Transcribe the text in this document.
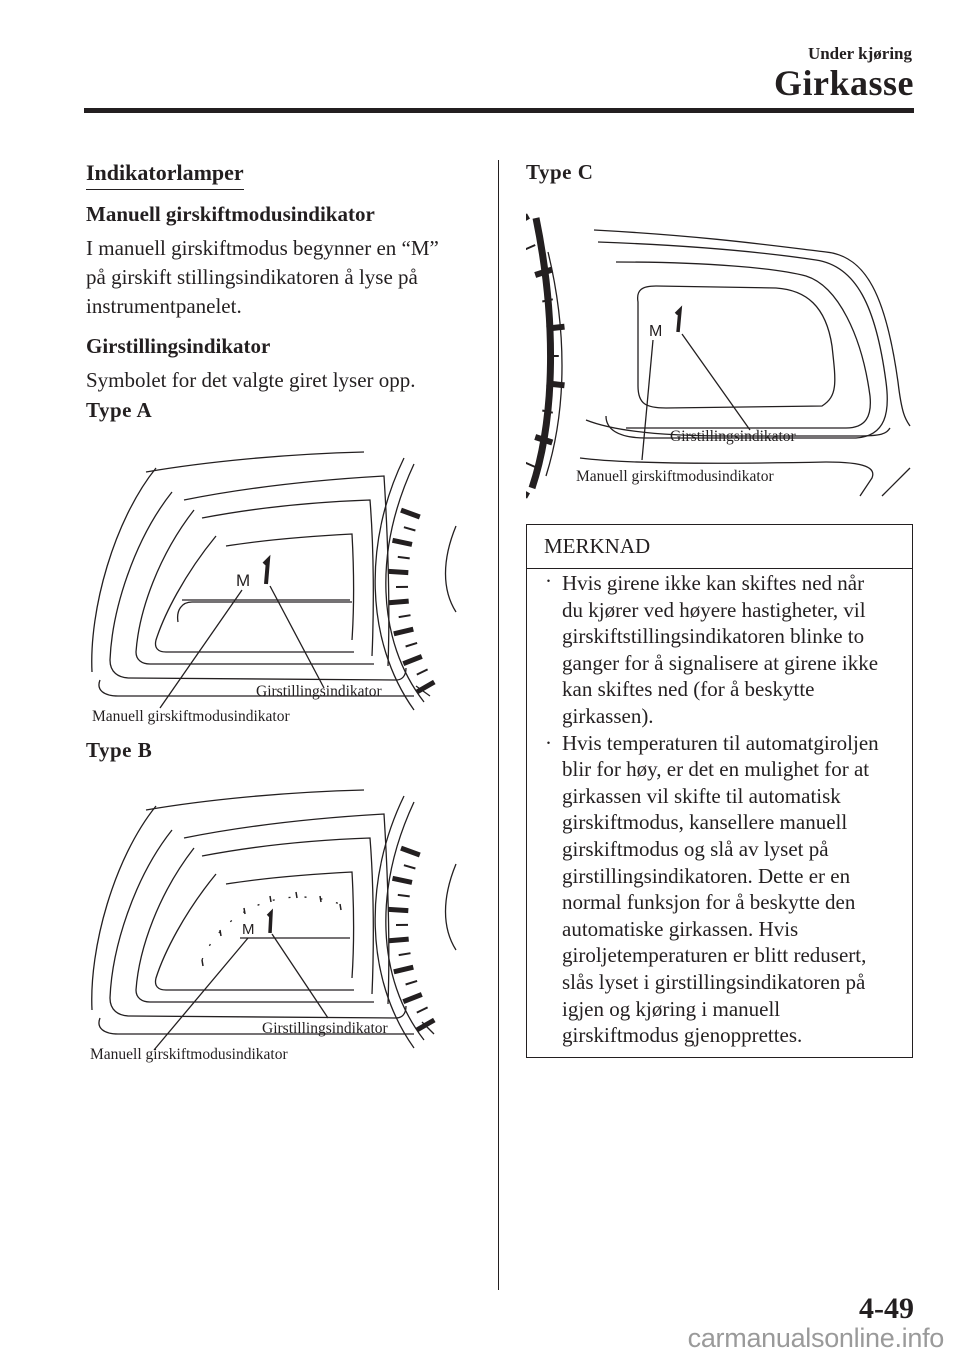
Under kjøring
Girkasse
Indikatorlamper
Manuell girskiftmodusindikator
I manuell girskiftmodus begynner en “M”
på girskift stillingsindikatoren å lyse på
instrumentpanelet.
Girstillingsindikator
Symbolet for det valgte giret lyser opp.
Type A
M
Girstillingsindikator
Manuell girskiftmodusindikator
Type B
M
Girstillingsindikator
Manuell girskiftmodusindikator
Type C
M
Girstillingsindikator
Manuell girskiftmodusindikator
MERKNAD
· Hvis girene ikke kan skiftes ned når
du kjører ved høyere hastigheter, vil
girskiftstillingsindikatoren blinke to
ganger for å signalisere at girene ikke
kan skiftes ned (for å beskytte
girkassen).
· Hvis temperaturen til automatgiroljen
blir for høy, er det en mulighet for at
girkassen vil skifte til automatisk
girskiftmodus, kansellere manuell
girskiftmodus og slå av lyset på
girstillingsindikatoren. Dette er en
normal funksjon for å beskytte den
automatiske girkassen. Hvis
giroljetemperaturen er blitt redusert,
slås lyset i girstillingsindikatoren på
igjen og kjøring i manuell
girskiftmodus gjenopprettes.
4-49
carmanualsonline.info
